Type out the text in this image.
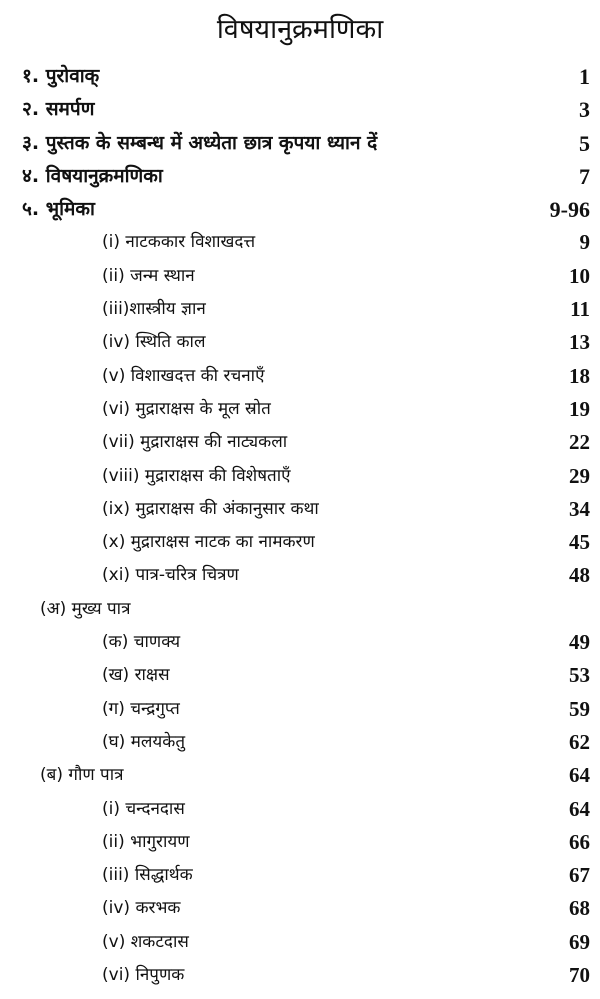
विषयानुक्रमणिका
१. पुरोवाक्	1
२. समर्पण	3
३. पुस्तक के सम्बन्ध में अध्येता छात्र कृपया ध्यान दें	5
४. विषयानुक्रमणिका	7
५. भूमिका	9-96
(i) नाटककार विशाखदत्त	9
(ii) जन्म स्थान	10
(iii)शास्त्रीय ज्ञान	11
(iv) स्थिति काल	13
(v) विशाखदत्त की रचनाएँ	18
(vi) मुद्राराक्षस के मूल स्रोत	19
(vii) मुद्राराक्षस की नाट्यकला	22
(viii) मुद्राराक्षस की विशेषताएँ	29
(ix) मुद्राराक्षस की अंकानुसार कथा	34
(x) मुद्राराक्षस नाटक का नामकरण	45
(xi) पात्र-चरित्र चित्रण	48
(अ) मुख्य पात्र
(क) चाणक्य	49
(ख) राक्षस	53
(ग) चन्द्रगुप्त	59
(घ) मलयकेतु	62
(ब) गौण पात्र	64
(i) चन्दनदास	64
(ii) भागुरायण	66
(iii) सिद्धार्थक	67
(iv) करभक	68
(v) शकटदास	69
(vi) निपुणक	70
